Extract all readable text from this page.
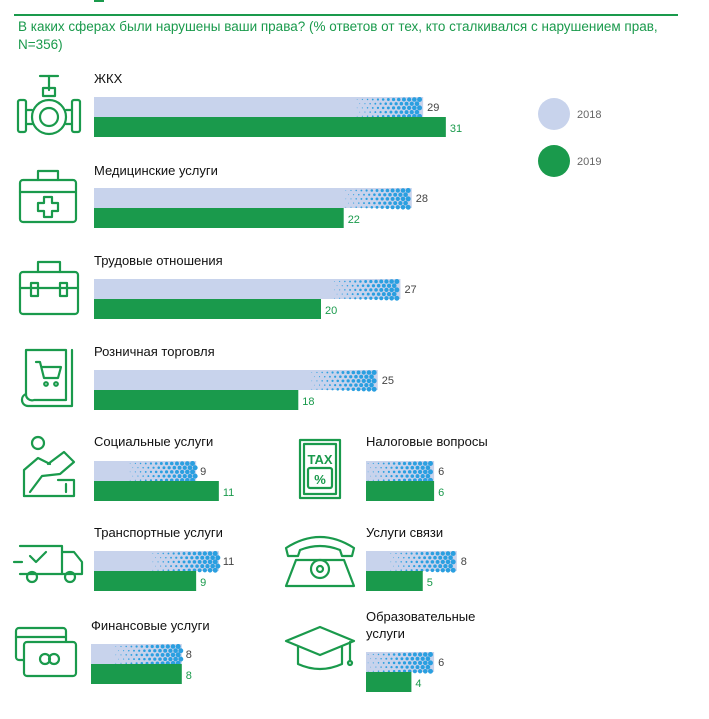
В каких сферах были нарушены ваши права? (% ответов от тех, кто сталкивался с нарушением прав, N=356)
ЖКХ
29
31
Медицинские услуги
28
22
Трудовые отношения
27
20
Розничная торговля
25
18
Социальные услуги
9
11
Налоговые вопросы
6
6
Транспортные услуги
11
9
Услуги связи
8
5
Финансовые услуги
8
8
Образовательные услуги
6
4
2018
2019
TAX
%
